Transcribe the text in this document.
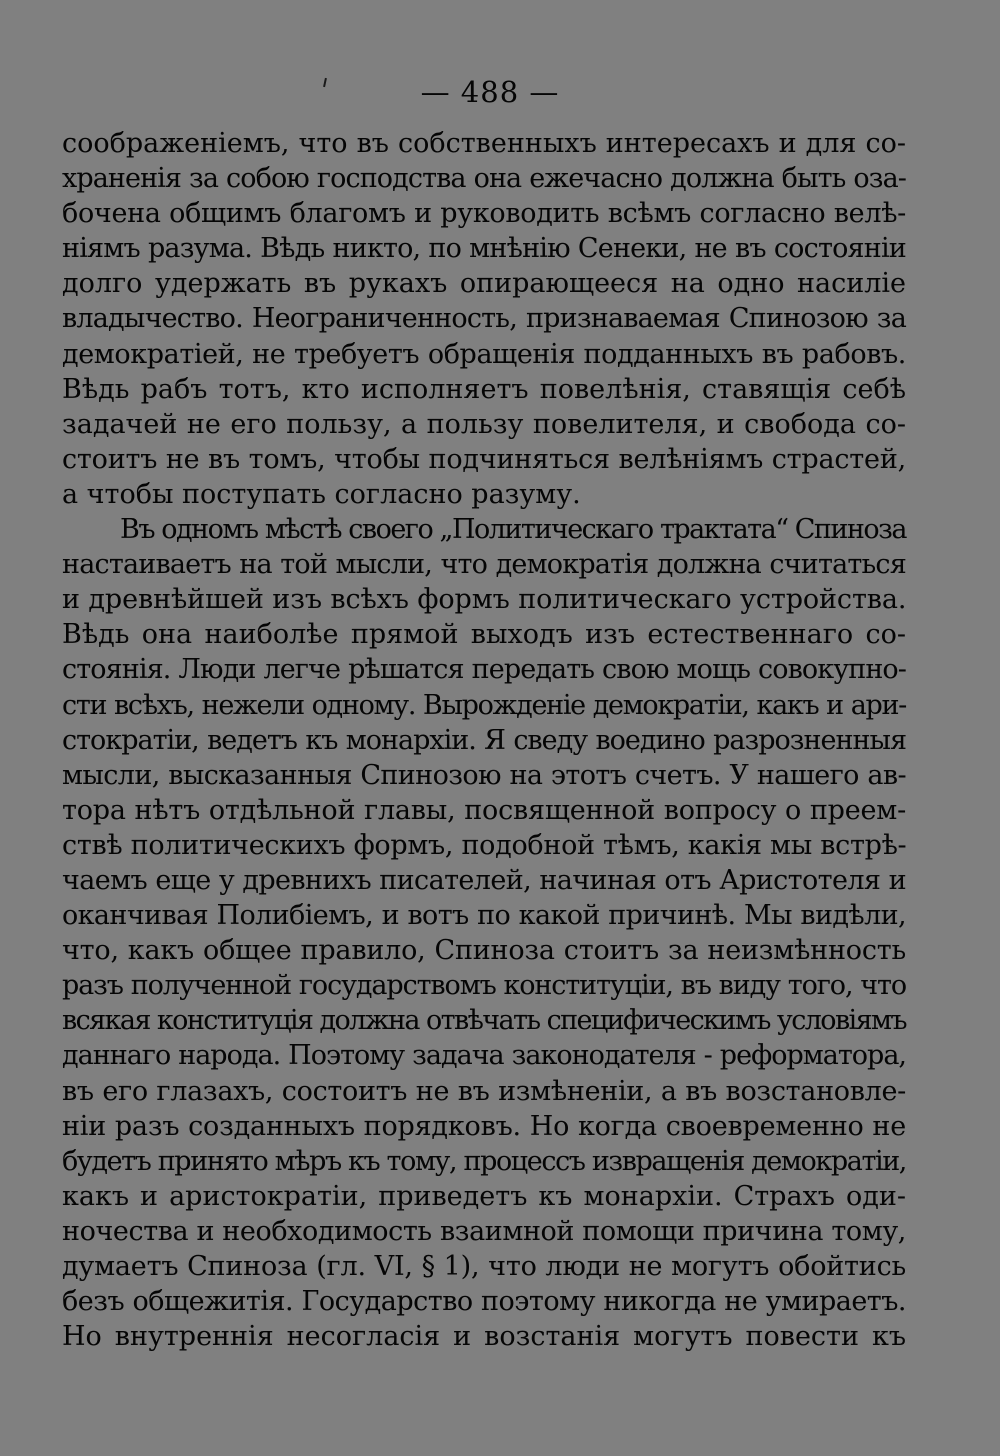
— 488 —
соображеніемъ, что въ собственныхъ интересахъ и для со-
храненія за собою господства она ежечасно должна быть оза-
бочена общимъ благомъ и руководить всѣмъ согласно велѣ-
ніямъ разума. Вѣдь никто, по мнѣнію Сенеки, не въ состояніи
долго удержать въ рукахъ опирающееся на одно насиліе
владычество. Неограниченность, признаваемая Спинозою за
демократіей, не требуетъ обращенія подданныхъ въ рабовъ.
Вѣдь рабъ тотъ, кто исполняетъ повелѣнія, ставящія себѣ
задачей не его пользу, а пользу повелителя, и свобода со-
стоитъ не въ томъ, чтобы подчиняться велѣніямъ страстей,
а чтобы поступать согласно разуму.
Въ одномъ мѣстѣ своего „Политическаго трактата“ Спиноза
настаиваетъ на той мысли, что демократія должна считаться
и древнѣйшей изъ всѣхъ формъ политическаго устройства.
Вѣдь она наиболѣе прямой выходъ изъ естественнаго со-
стоянія. Люди легче рѣшатся передать свою мощь совокупно-
сти всѣхъ, нежели одному. Вырожденіе демократіи, какъ и ари-
стократіи, ведетъ къ монархіи. Я сведу воедино разрозненныя
мысли, высказанныя Спинозою на этотъ счетъ. У нашего ав-
тора нѣтъ отдѣльной главы, посвященной вопросу о преем-
ствѣ политическихъ формъ, подобной тѣмъ, какія мы встрѣ-
чаемъ еще у древнихъ писателей, начиная отъ Аристотеля и
оканчивая Полибіемъ, и вотъ по какой причинѣ. Мы видѣли,
что, какъ общее правило, Спиноза стоитъ за неизмѣнность
разъ полученной государствомъ конституціи, въ виду того, что
всякая конституція должна отвѣчать специфическимъ условіямъ
даннаго народа. Поэтому задача законодателя - реформатора,
въ его глазахъ, состоитъ не въ измѣненіи, а въ возстановле-
ніи разъ созданныхъ порядковъ. Но когда своевременно не
будетъ принято мѣръ къ тому, процессъ извращенія демократіи,
какъ и аристократіи, приведетъ къ монархіи. Страхъ оди-
ночества и необходимость взаимной помощи причина тому,
думаетъ Спиноза (гл. VI, § 1), что люди не могутъ обойтись
безъ общежитія. Государство поэтому никогда не умираетъ.
Но внутреннія несогласія и возстанія могутъ повести къ
